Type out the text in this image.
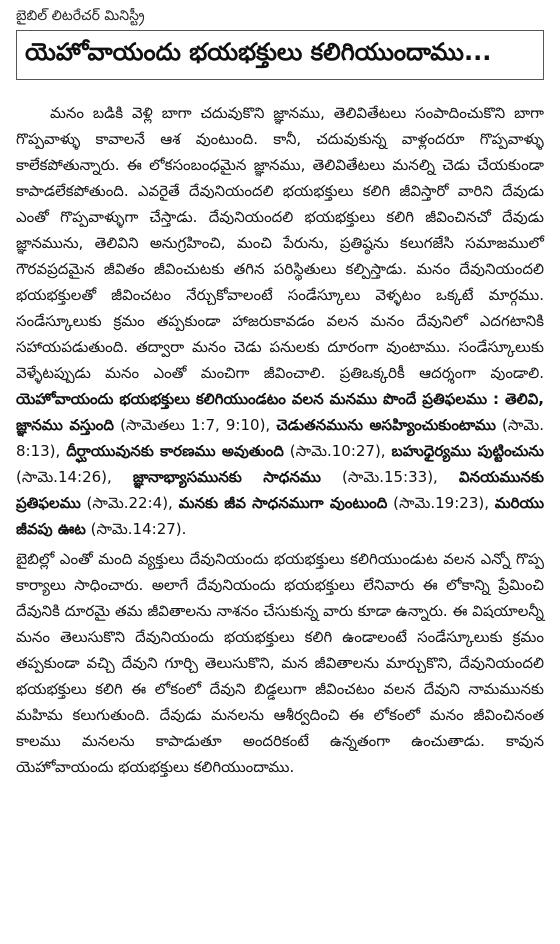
బైబిల్ లిటరేచర్ మినిస్ట్రీ
యెహోవాయందు భయభక్తులు కలిగియుందాము...

మనం బడికి వెళ్లి బాగా చదువుకొని జ్ఞానము, తెలివితేటలు సంపాదించుకొని బాగా గొప్పవాళ్ళు కావాలనే ఆశ వుంటుంది. కానీ, చదువుకున్న వాళ్లందరూ గొప్పవాళ్ళు కాలేకపోతున్నారు. ఈ లోకసంబంధమైన జ్ఞానము, తెలివితేటలు మనల్ని చెడు చేయకుండా కాపాడలేకపోతుంది. ఎవరైతే దేవునియందలి భయభక్తులు కలిగి జీవిస్తారో వారిని దేవుడు ఎంతో గొప్పవాళ్ళుగా చేస్తాడు. దేవునియందలి భయభక్తులు కలిగి జీవించినచో దేవుడు జ్ఞానమును, తెలివిని అనుగ్రహించి, మంచి పేరును, ప్రతిష్ఠను కలుగజేసి సమాజములో గౌరవప్రదమైన జీవితం జీవించుటకు తగిన పరిస్థితులు కల్పిస్తాడు. మనం దేవునియందలి భయభక్తులతో జీవించటం నేర్చుకోవాలంటే సండేస్కూలు వెళ్ళటం ఒక్కటే మార్గము. సండేస్కూలుకు క్రమం తప్పకుండా హాజరుకావడం వలన మనం దేవునిలో ఎదగటానికి సహాయపడుతుంది. తద్వారా మనం చెడు పనులకు దూరంగా వుంటాము. సండేస్కూలుకు వెళ్ళేటప్పుడు మనం ఎంతో మంచిగా జీవించాలి. ప్రతిఒక్కరికీ ఆదర్శంగా వుండాలి. యెహోవాయందు భయభక్తులు కలిగియుండటం వలన మనము పొందే ప్రతిఫలము : తెలివి, జ్ఞానము వస్తుంది (సామెతలు 1:7, 9:10), చెడుతనమును అసహ్యించుకుంటాము (సామె. 8:13), దీర్ఘాయువునకు కారణము అవుతుంది (సామె.10:27), బహుధైర్యము పుట్టించును (సామె.14:26), జ్ఞానాభ్యాసమునకు సాధనము (సామె.15:33), వినయమునకు ప్రతిఫలము (సామె.22:4), మనకు జీవ సాధనముగా వుంటుంది (సామె.19:23), మరియు జీవపు ఊట (సామె.14:27).

బైబిల్లో ఎంతో మంది వ్యక్తులు దేవునియందు భయభక్తులు కలిగియుండుట వలన ఎన్నో గొప్ప కార్యాలు సాధించారు. అలాగే దేవునియందు భయభక్తులు లేనివారు ఈ లోకాన్ని ప్రేమించి దేవునికి దూరమై తమ జీవితాలను నాశనం చేసుకున్న వారు కూడా ఉన్నారు. ఈ విషయాలన్నీ మనం తెలుసుకొని దేవునియందు భయభక్తులు కలిగి ఉండాలంటే సండేస్కూలుకు క్రమం తప్పకుండా వచ్చి దేవుని గూర్చి తెలుసుకొని, మన జీవితాలను మార్చుకొని, దేవునియందలి భయభక్తులు కలిగి ఈ లోకంలో దేవుని బిడ్డలుగా జీవించటం వలన దేవుని నామమునకు మహిమ కలుగుతుంది. దేవుడు మనలను ఆశీర్వదించి ఈ లోకంలో మనం జీవించినంత కాలము మనలను కాపాడుతూ అందరికంటే ఉన్నతంగా ఉంచుతాడు. కావున యెహోవాయందు భయభక్తులు కలిగియుందాము.
